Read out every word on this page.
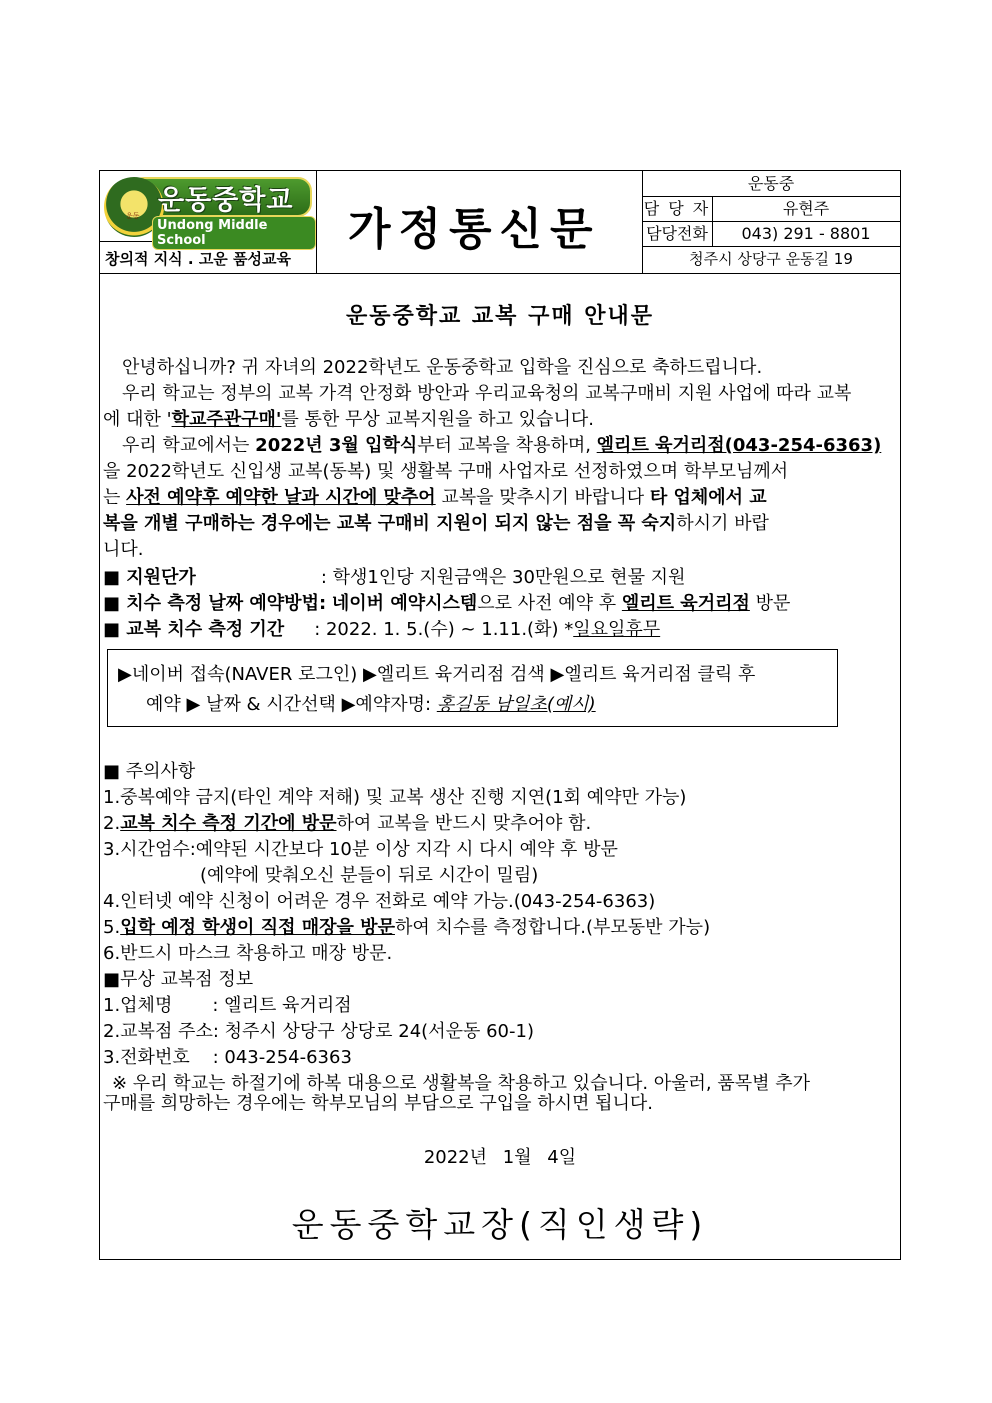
운동 운동중학교
Undong Middle School
창의적 지식 . 고운 품성교육
가정통신문
운동중
담 당 자	유현주
담당전화	043) 291 - 8801
청주시 상당구 운동길 19
운동중학교 교복 구매 안내문
안녕하십니까? 귀 자녀의 2022학년도 운동중학교 입학을 진심으로 축하드립니다.
우리 학교는 정부의 교복 가격 안정화 방안과 우리교육청의 교복구매비 지원 사업에 따라 교복
에 대한 '학교주관구매'를 통한 무상 교복지원을 하고 있습니다.
우리 학교에서는 2022년 3월 입학식부터 교복을 착용하며, 엘리트 육거리점(043-254-6363)
을 2022학년도 신입생 교복(동복) 및 생활복 구매 사업자로 선정하였으며 학부모님께서
는 사전 예약후 예약한 날과 시간에 맞추어 교복을 맞추시기 바랍니다 타 업체에서 교
복을 개별 구매하는 경우에는 교복 구매비 지원이 되지 않는 점을 꼭 숙지하시기 바랍
니다.
■ 지원단가	: 학생1인당 지원금액은 30만원으로 현물 지원
■ 치수 측정 날짜 예약방법: 네이버 예약시스템으로 사전 예약 후 엘리트 육거리점 방문
■ 교복 치수 측정 기간 : 2022. 1. 5.(수) ~ 1.11.(화) *일요일휴무
▶네이버 접속(NAVER 로그인) ▶엘리트 육거리점 검색 ▶엘리트 육거리점 클릭 후
예약 ▶ 날짜 & 시간선택 ▶예약자명: 홍길동 남일초(예시)
■ 주의사항
1.중복예약 금지(타인 계약 저해) 및 교복 생산 진행 지연(1회 예약만 가능)
2.교복 치수 측정 기간에 방문하여 교복을 반드시 맞추어야 함.
3.시간엄수:예약된 시간보다 10분 이상 지각 시 다시 예약 후 방문
(예약에 맞춰오신 분들이 뒤로 시간이 밀림)
4.인터넷 예약 신청이 어려운 경우 전화로 예약 가능.(043-254-6363)
5.입학 예정 학생이 직접 매장을 방문하여 치수를 측정합니다.(부모동반 가능)
6.반드시 마스크 착용하고 매장 방문.
■무상 교복점 정보
1.업체명       : 엘리트 육거리점
2.교복점 주소: 청주시 상당구 상당로 24(서운동 60-1)
3.전화번호    : 043-254-6363
※ 우리 학교는 하절기에 하복 대용으로 생활복을 착용하고 있습니다. 아울러, 품목별 추가
구매를 희망하는 경우에는 학부모님의 부담으로 구입을 하시면 됩니다.
2022년 1월 4일
운동중학교장(직인생략)
